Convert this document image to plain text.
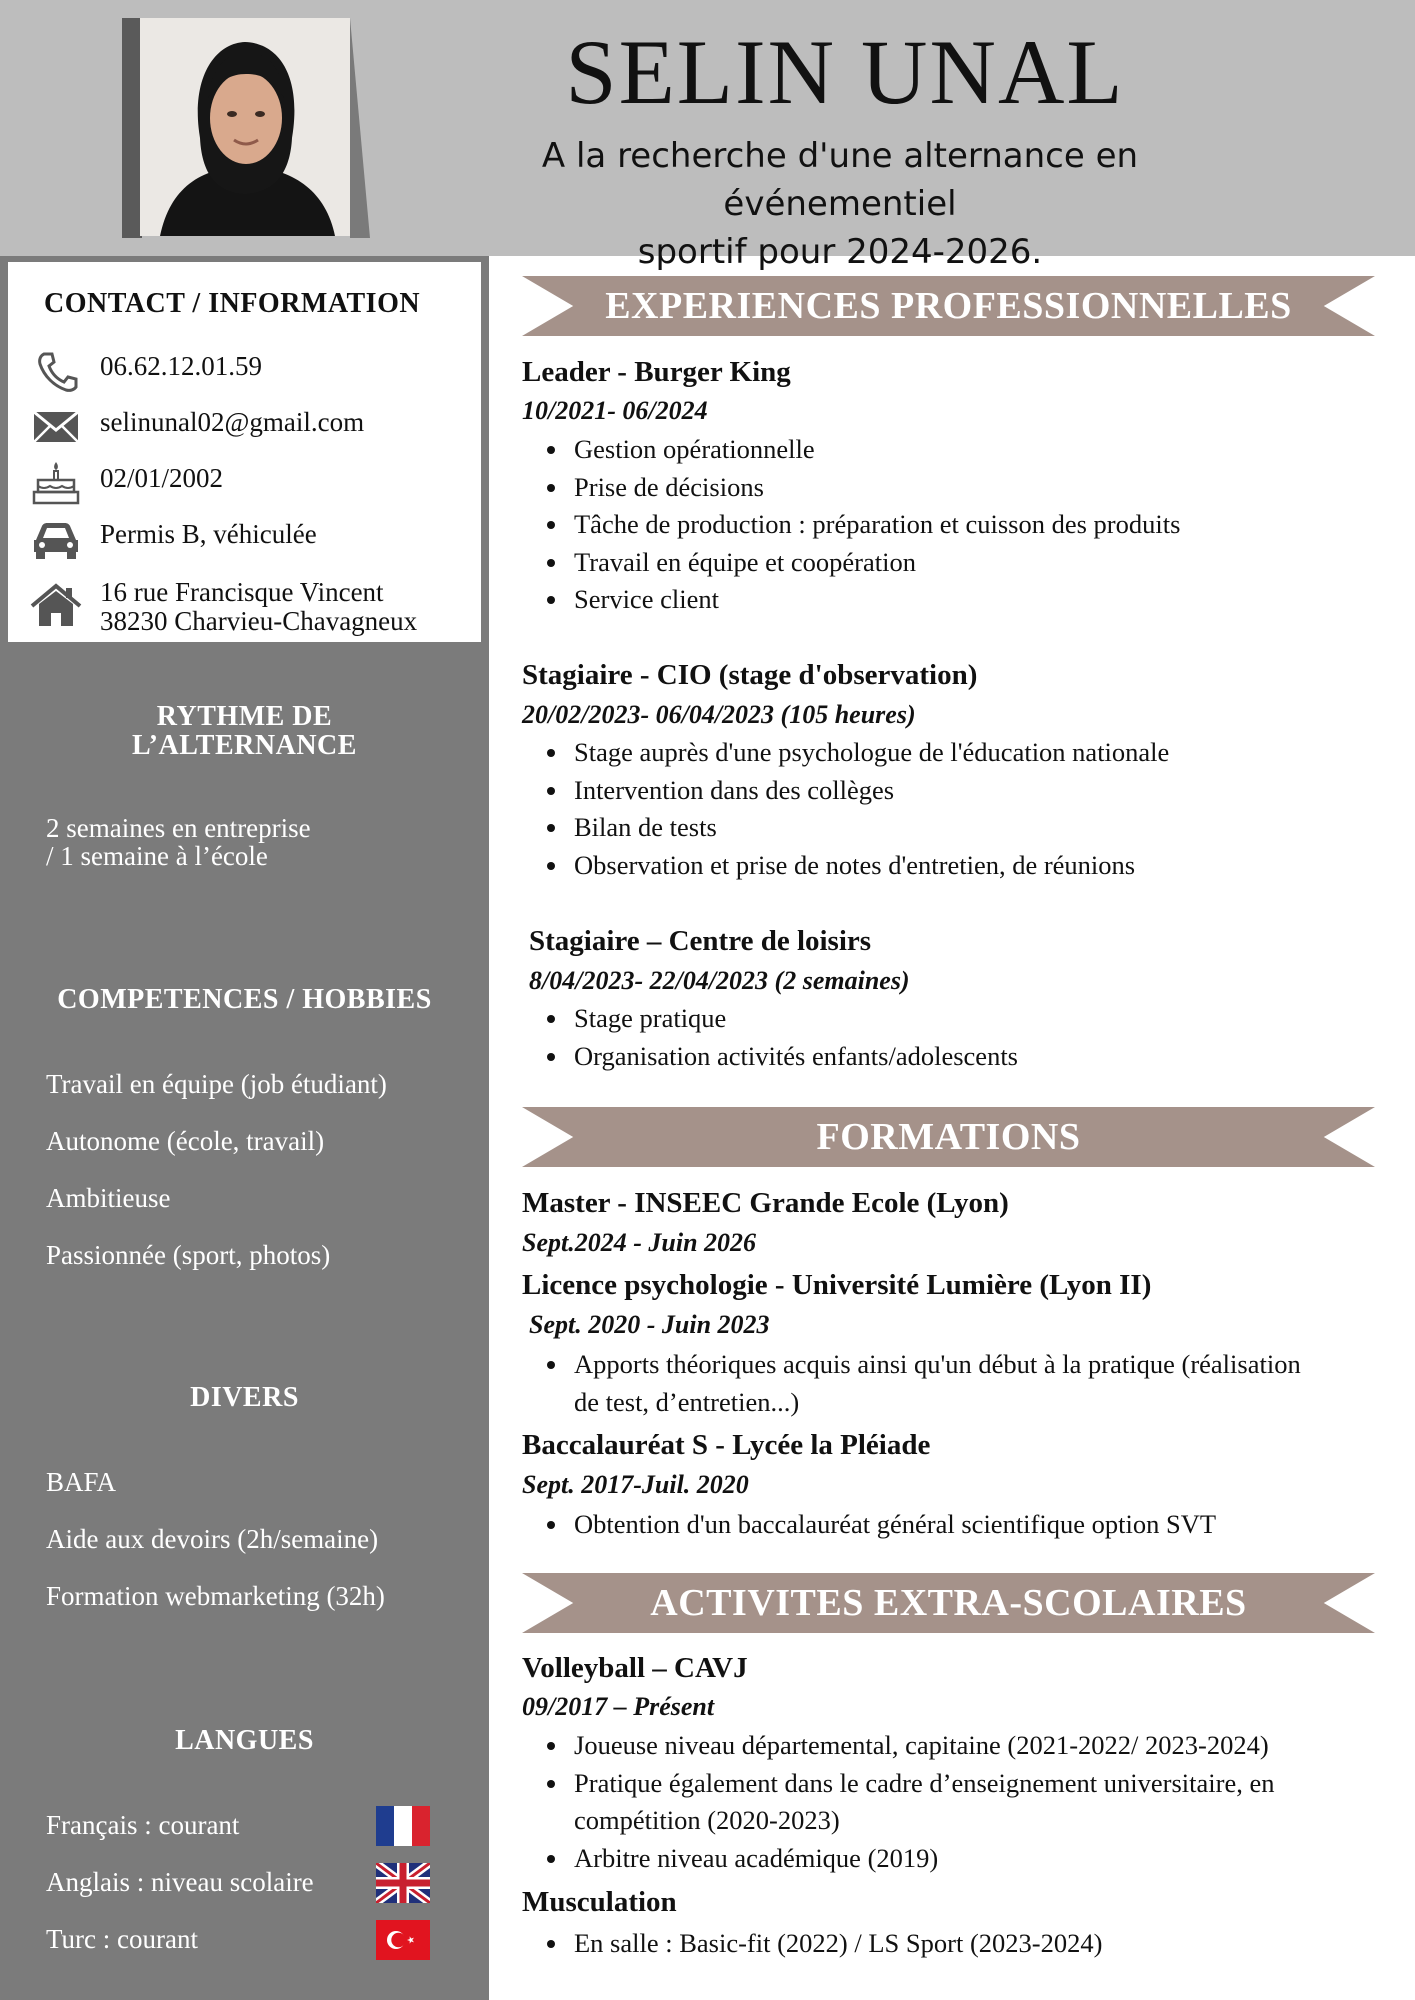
SELIN UNAL
A la recherche d'une alternance en événementiel
sportif pour 2024-2026.
CONTACT / INFORMATION
06.62.12.01.59
selinunal02@gmail.com
02/01/2002
Permis B, véhiculée
16 rue Francisque Vincent
38230 Charvieu-Chavagneux
RYTHME DE
L’ALTERNANCE
2 semaines en entreprise
/ 1 semaine à l’école
COMPETENCES / HOBBIES
Travail en équipe (job étudiant)
Autonome (école, travail)
Ambitieuse
Passionnée (sport, photos)
DIVERS
BAFA
Aide aux devoirs (2h/semaine)
Formation webmarketing (32h)
LANGUES
Français : courant
Anglais : niveau scolaire
Turc : courant
EXPERIENCES PROFESSIONNELLES
Leader - Burger King
10/2021- 06/2024
• Gestion opérationnelle
• Prise de décisions
• Tâche de production : préparation et cuisson des produits
• Travail en équipe et coopération
• Service client
Stagiaire - CIO (stage d'observation)
20/02/2023- 06/04/2023 (105 heures)
• Stage auprès d'une psychologue de l'éducation nationale
• Intervention dans des collèges
• Bilan de tests
• Observation et prise de notes d'entretien, de réunions
Stagiaire – Centre de loisirs
8/04/2023- 22/04/2023 (2 semaines)
• Stage pratique
• Organisation activités enfants/adolescents
FORMATIONS
Master - INSEEC Grande Ecole (Lyon)
Sept.2024 - Juin 2026
Licence psychologie - Université Lumière (Lyon II)
Sept. 2020 - Juin 2023
• Apports théoriques acquis ainsi qu'un début à la pratique (réalisation
de test, d’entretien...)
Baccalauréat S - Lycée la Pléiade
Sept. 2017-Juil. 2020
• Obtention d'un baccalauréat général scientifique option SVT
ACTIVITES EXTRA-SCOLAIRES
Volleyball – CAVJ
09/2017 – Présent
• Joueuse niveau départemental, capitaine (2021-2022/ 2023-2024)
• Pratique également dans le cadre d’enseignement universitaire, en
compétition (2020-2023)
• Arbitre niveau académique (2019)
Musculation
• En salle : Basic-fit (2022) / LS Sport (2023-2024)
